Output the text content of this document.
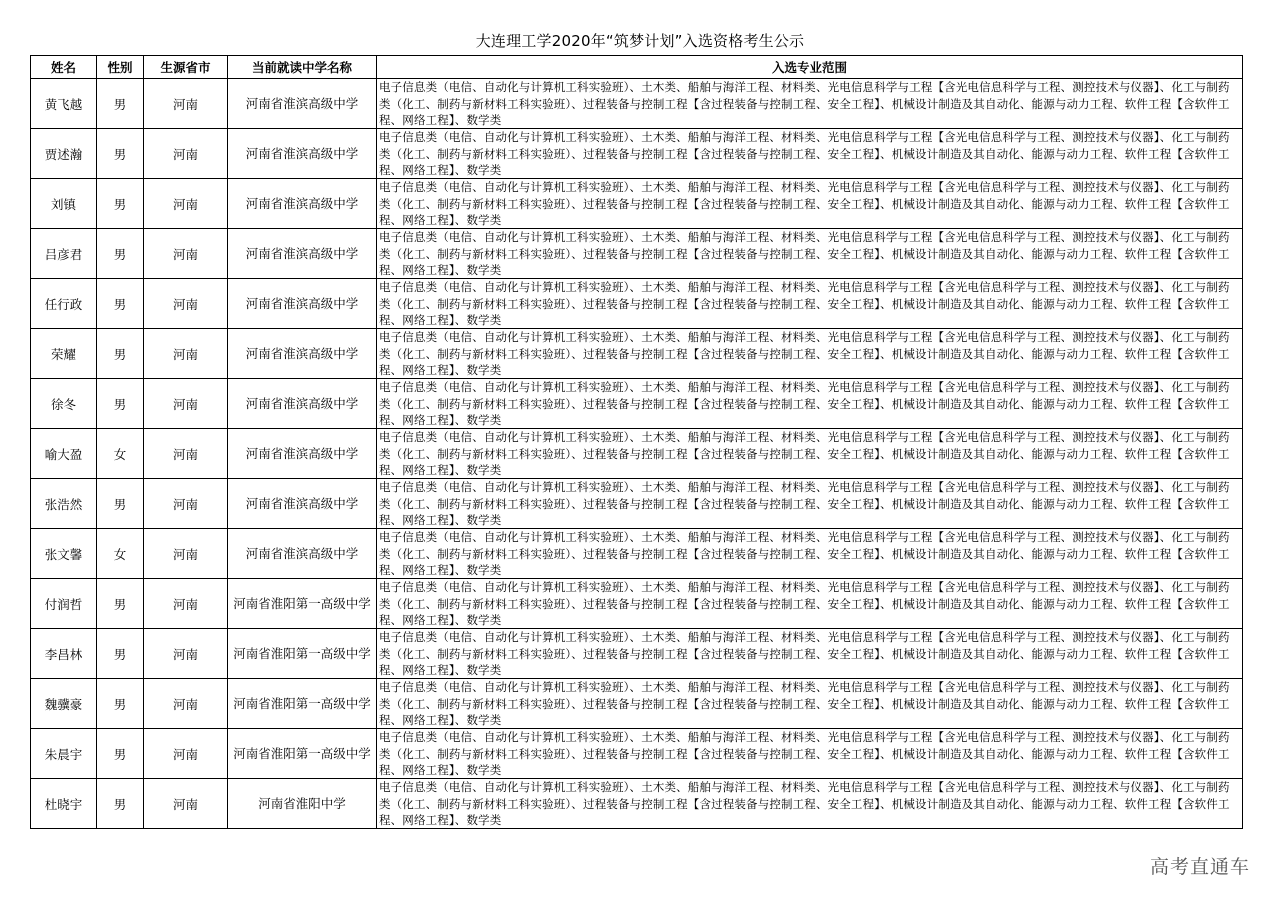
大连理工学2020年“筑梦计划”入选资格考生公示
姓名	性别	生源省市	当前就读中学名称	入选专业范围
黄飞越	男	河南	河南省淮滨高级中学	电子信息类（电信、自动化与计算机工科实验班）、土木类、船舶与海洋工程、材料类、光电信息科学与工程【含光电信息科学与工程、测控技术与仪器】、化工与制药类（化工、制药与新材料工科实验班）、过程装备与控制工程【含过程装备与控制工程、安全工程】、机械设计制造及其自动化、能源与动力工程、软件工程【含软件工程、网络工程】、数学类

贾述瀚	男	河南	河南省淮滨高级中学	电子信息类（电信、自动化与计算机工科实验班）、土木类、船舶与海洋工程、材料类、光电信息科学与工程【含光电信息科学与工程、测控技术与仪器】、化工与制药类（化工、制药与新材料工科实验班）、过程装备与控制工程【含过程装备与控制工程、安全工程】、机械设计制造及其自动化、能源与动力工程、软件工程【含软件工程、网络工程】、数学类

刘镇	男	河南	河南省淮滨高级中学	电子信息类（电信、自动化与计算机工科实验班）、土木类、船舶与海洋工程、材料类、光电信息科学与工程【含光电信息科学与工程、测控技术与仪器】、化工与制药类（化工、制药与新材料工科实验班）、过程装备与控制工程【含过程装备与控制工程、安全工程】、机械设计制造及其自动化、能源与动力工程、软件工程【含软件工程、网络工程】、数学类

吕彦君	男	河南	河南省淮滨高级中学	电子信息类（电信、自动化与计算机工科实验班）、土木类、船舶与海洋工程、材料类、光电信息科学与工程【含光电信息科学与工程、测控技术与仪器】、化工与制药类（化工、制药与新材料工科实验班）、过程装备与控制工程【含过程装备与控制工程、安全工程】、机械设计制造及其自动化、能源与动力工程、软件工程【含软件工程、网络工程】、数学类

任行政	男	河南	河南省淮滨高级中学	电子信息类（电信、自动化与计算机工科实验班）、土木类、船舶与海洋工程、材料类、光电信息科学与工程【含光电信息科学与工程、测控技术与仪器】、化工与制药类（化工、制药与新材料工科实验班）、过程装备与控制工程【含过程装备与控制工程、安全工程】、机械设计制造及其自动化、能源与动力工程、软件工程【含软件工程、网络工程】、数学类

荣耀	男	河南	河南省淮滨高级中学	电子信息类（电信、自动化与计算机工科实验班）、土木类、船舶与海洋工程、材料类、光电信息科学与工程【含光电信息科学与工程、测控技术与仪器】、化工与制药类（化工、制药与新材料工科实验班）、过程装备与控制工程【含过程装备与控制工程、安全工程】、机械设计制造及其自动化、能源与动力工程、软件工程【含软件工程、网络工程】、数学类

徐冬	男	河南	河南省淮滨高级中学	电子信息类（电信、自动化与计算机工科实验班）、土木类、船舶与海洋工程、材料类、光电信息科学与工程【含光电信息科学与工程、测控技术与仪器】、化工与制药类（化工、制药与新材料工科实验班）、过程装备与控制工程【含过程装备与控制工程、安全工程】、机械设计制造及其自动化、能源与动力工程、软件工程【含软件工程、网络工程】、数学类

喻大盈	女	河南	河南省淮滨高级中学	电子信息类（电信、自动化与计算机工科实验班）、土木类、船舶与海洋工程、材料类、光电信息科学与工程【含光电信息科学与工程、测控技术与仪器】、化工与制药类（化工、制药与新材料工科实验班）、过程装备与控制工程【含过程装备与控制工程、安全工程】、机械设计制造及其自动化、能源与动力工程、软件工程【含软件工程、网络工程】、数学类

张浩然	男	河南	河南省淮滨高级中学	电子信息类（电信、自动化与计算机工科实验班）、土木类、船舶与海洋工程、材料类、光电信息科学与工程【含光电信息科学与工程、测控技术与仪器】、化工与制药类（化工、制药与新材料工科实验班）、过程装备与控制工程【含过程装备与控制工程、安全工程】、机械设计制造及其自动化、能源与动力工程、软件工程【含软件工程、网络工程】、数学类

张文馨	女	河南	河南省淮滨高级中学	电子信息类（电信、自动化与计算机工科实验班）、土木类、船舶与海洋工程、材料类、光电信息科学与工程【含光电信息科学与工程、测控技术与仪器】、化工与制药类（化工、制药与新材料工科实验班）、过程装备与控制工程【含过程装备与控制工程、安全工程】、机械设计制造及其自动化、能源与动力工程、软件工程【含软件工程、网络工程】、数学类

付润哲	男	河南	河南省淮阳第一高级中学	电子信息类（电信、自动化与计算机工科实验班）、土木类、船舶与海洋工程、材料类、光电信息科学与工程【含光电信息科学与工程、测控技术与仪器】、化工与制药类（化工、制药与新材料工科实验班）、过程装备与控制工程【含过程装备与控制工程、安全工程】、机械设计制造及其自动化、能源与动力工程、软件工程【含软件工程、网络工程】、数学类

李昌林	男	河南	河南省淮阳第一高级中学	电子信息类（电信、自动化与计算机工科实验班）、土木类、船舶与海洋工程、材料类、光电信息科学与工程【含光电信息科学与工程、测控技术与仪器】、化工与制药类（化工、制药与新材料工科实验班）、过程装备与控制工程【含过程装备与控制工程、安全工程】、机械设计制造及其自动化、能源与动力工程、软件工程【含软件工程、网络工程】、数学类

魏骥豪	男	河南	河南省淮阳第一高级中学	电子信息类（电信、自动化与计算机工科实验班）、土木类、船舶与海洋工程、材料类、光电信息科学与工程【含光电信息科学与工程、测控技术与仪器】、化工与制药类（化工、制药与新材料工科实验班）、过程装备与控制工程【含过程装备与控制工程、安全工程】、机械设计制造及其自动化、能源与动力工程、软件工程【含软件工程、网络工程】、数学类

朱晨宇	男	河南	河南省淮阳第一高级中学	电子信息类（电信、自动化与计算机工科实验班）、土木类、船舶与海洋工程、材料类、光电信息科学与工程【含光电信息科学与工程、测控技术与仪器】、化工与制药类（化工、制药与新材料工科实验班）、过程装备与控制工程【含过程装备与控制工程、安全工程】、机械设计制造及其自动化、能源与动力工程、软件工程【含软件工程、网络工程】、数学类

杜晓宇	男	河南	河南省淮阳中学	电子信息类（电信、自动化与计算机工科实验班）、土木类、船舶与海洋工程、材料类、光电信息科学与工程【含光电信息科学与工程、测控技术与仪器】、化工与制药类（化工、制药与新材料工科实验班）、过程装备与控制工程【含过程装备与控制工程、安全工程】、机械设计制造及其自动化、能源与动力工程、软件工程【含软件工程、网络工程】、数学类
高考直通车
